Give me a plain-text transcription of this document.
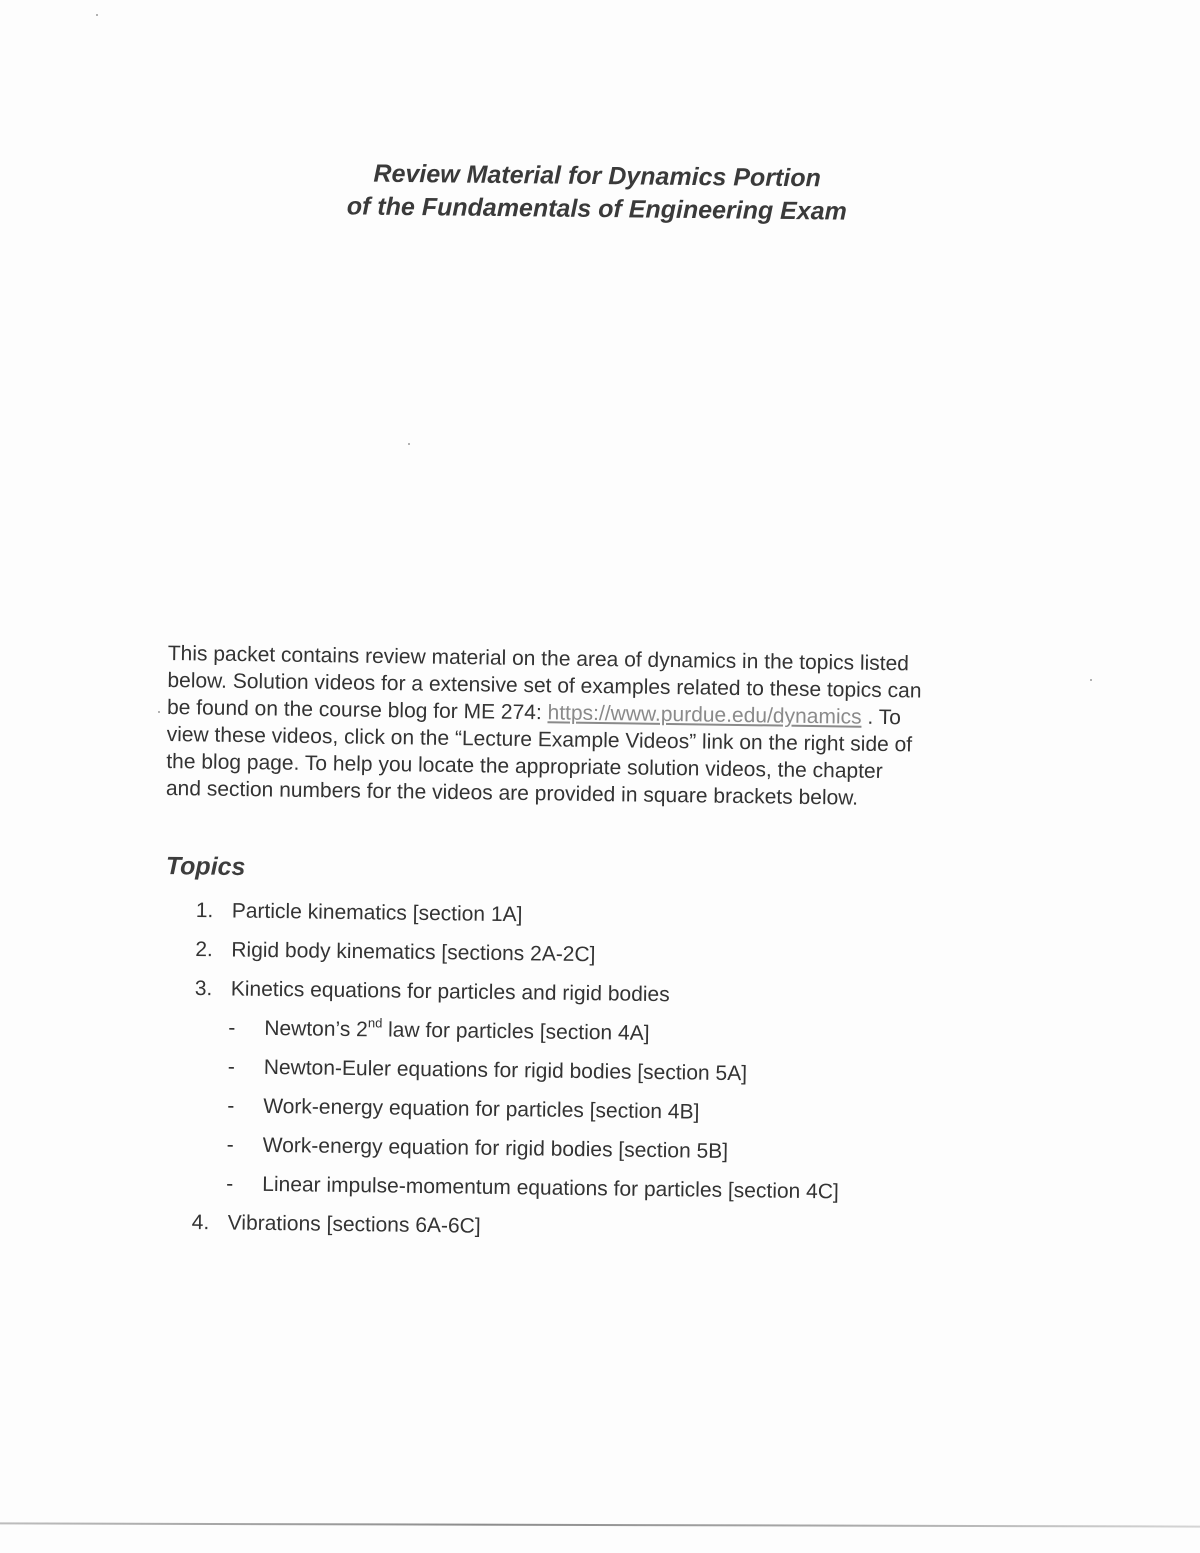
Review Material for Dynamics Portion
of the Fundamentals of Engineering Exam
This packet contains review material on the area of dynamics in the topics listed
below. Solution videos for a extensive set of examples related to these topics can
be found on the course blog for ME 274: https://www.purdue.edu/dynamics . To
view these videos, click on the “Lecture Example Videos” link on the right side of
the blog page. To help you locate the appropriate solution videos, the chapter
and section numbers for the videos are provided in square brackets below.
Topics
1. Particle kinematics [section 1A]
2. Rigid body kinematics [sections 2A-2C]
3. Kinetics equations for particles and rigid bodies
- Newton’s 2nd law for particles [section 4A]
- Newton-Euler equations for rigid bodies [section 5A]
- Work-energy equation for particles [section 4B]
- Work-energy equation for rigid bodies [section 5B]
- Linear impulse-momentum equations for particles [section 4C]
4. Vibrations [sections 6A-6C]
